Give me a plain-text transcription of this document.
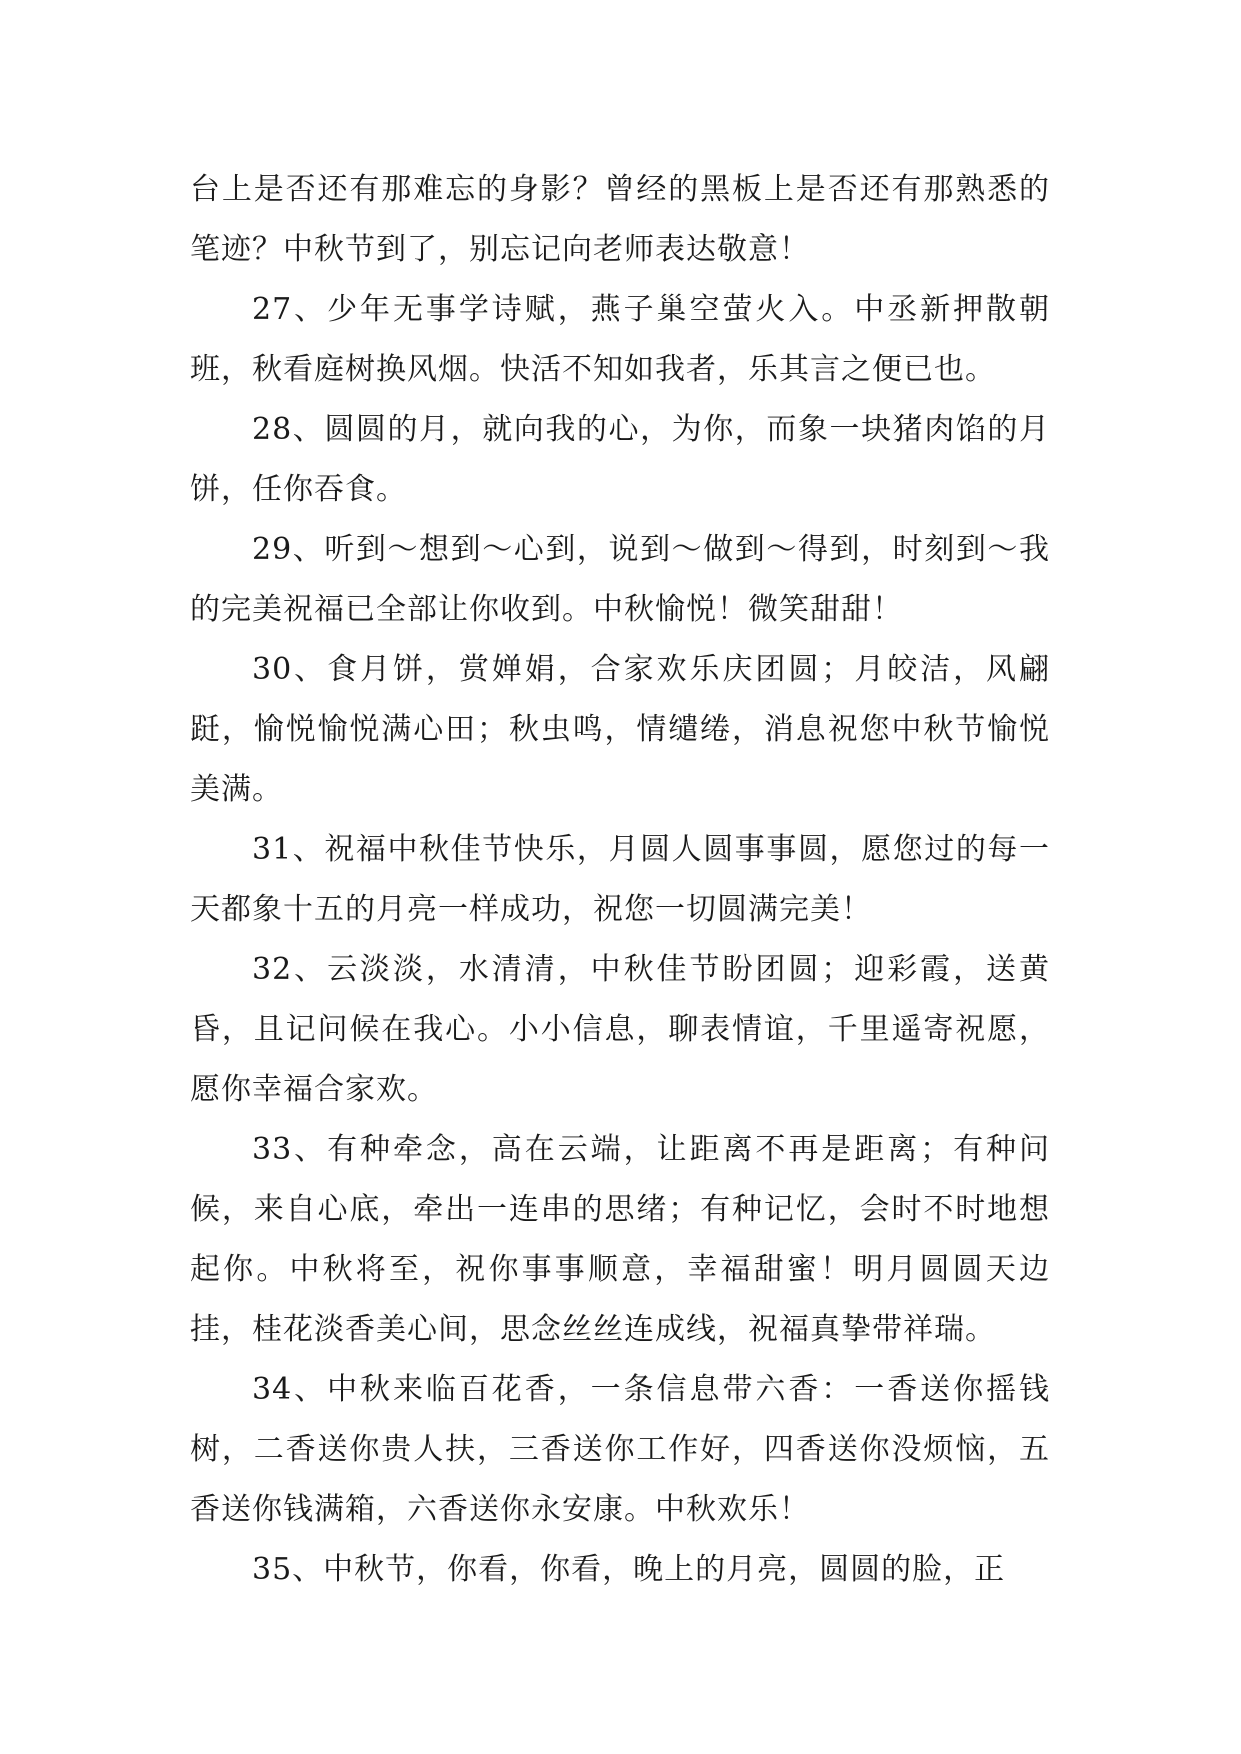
台上是否还有那难忘的身影？曾经的黑板上是否还有那熟悉的笔迹？中秋节到了，别忘记向老师表达敬意！

27、少年无事学诗赋，燕子巢空萤火入。中丞新押散朝班，秋看庭树换风烟。快活不知如我者，乐其言之便已也。

28、圆圆的月，就向我的心，为你，而象一块猪肉馅的月饼，任你吞食。

29、听到～想到～心到，说到～做到～得到，时刻到～我的完美祝福已全部让你收到。中秋愉悦！微笑甜甜！

30、食月饼，赏婵娟，合家欢乐庆团圆；月皎洁，风翩跹，愉悦愉悦满心田；秋虫鸣，情缱绻，消息祝您中秋节愉悦美满。

31、祝福中秋佳节快乐，月圆人圆事事圆，愿您过的每一天都象十五的月亮一样成功，祝您一切圆满完美！

32、云淡淡，水清清，中秋佳节盼团圆；迎彩霞，送黄昏，且记问候在我心。小小信息，聊表情谊，千里遥寄祝愿，愿你幸福合家欢。

33、有种牵念，高在云端，让距离不再是距离；有种问候，来自心底，牵出一连串的思绪；有种记忆，会时不时地想起你。中秋将至，祝你事事顺意，幸福甜蜜！明月圆圆天边挂，桂花淡香美心间，思念丝丝连成线，祝福真挚带祥瑞。

34、中秋来临百花香，一条信息带六香：一香送你摇钱树，二香送你贵人扶，三香送你工作好，四香送你没烦恼，五香送你钱满箱，六香送你永安康。中秋欢乐！

35、中秋节，你看，你看，晚上的月亮，圆圆的脸，正
